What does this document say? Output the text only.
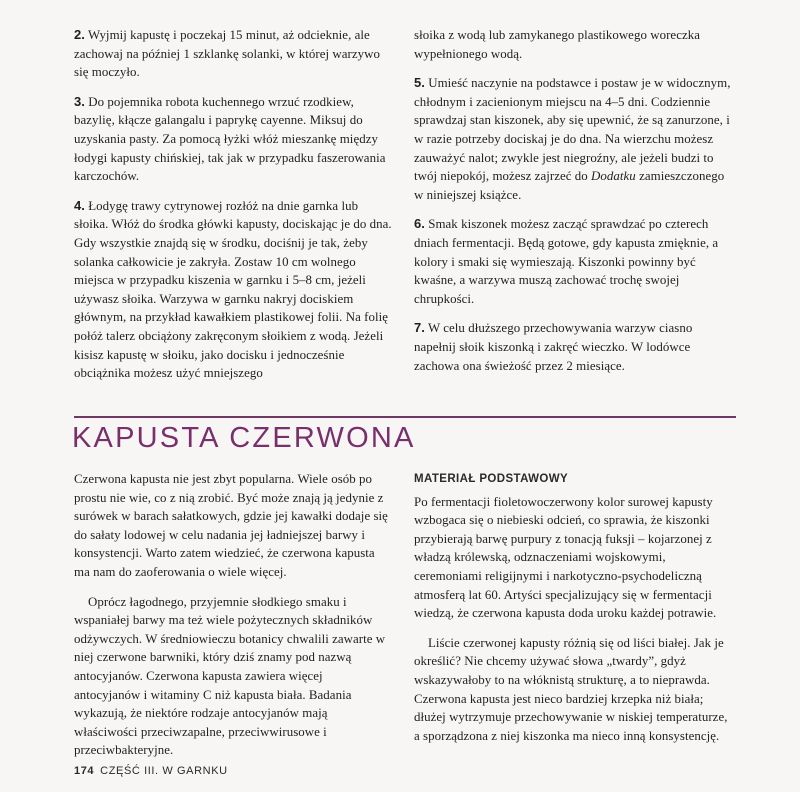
2. Wyjmij kapustę i poczekaj 15 minut, aż odcieknie, ale zachowaj na później 1 szklankę solanki, w której warzywo się moczyło.

3. Do pojemnika robota kuchennego wrzuć rzodkiew, bazylię, kłącze galangalu i paprykę cayenne. Miksuj do uzyskania pasty. Za pomocą łyżki włóż mieszankę między łodygi kapusty chińskiej, tak jak w przypadku faszerowania karczochów.

4. Łodygę trawy cytrynowej rozłóż na dnie garnka lub słoika. Włóż do środka główki kapusty, dociskając je do dna. Gdy wszystkie znajdą się w środku, dociśnij je tak, żeby solanka całkowicie je zakryła. Zostaw 10 cm wolnego miejsca w przypadku kiszenia w garnku i 5–8 cm, jeżeli używasz słoika. Warzywa w garnku nakryj dociskiem głównym, na przykład kawałkiem plastikowej folii. Na folię połóż talerz obciążony zakręconym słoikiem z wodą. Jeżeli kisisz kapustę w słoiku, jako docisku i jednocześnie obciążnika możesz użyć mniejszego

słoika z wodą lub zamykanego plastikowego woreczka wypełnionego wodą.

5. Umieść naczynie na podstawce i postaw je w widocznym, chłodnym i zacienionym miejscu na 4–5 dni. Codziennie sprawdzaj stan kiszonek, aby się upewnić, że są zanurzone, i w razie potrzeby dociskaj je do dna. Na wierzchu możesz zauważyć nalot; zwykle jest niegroźny, ale jeżeli budzi to twój niepokój, możesz zajrzeć do Dodatku zamieszczonego w niniejszej książce.

6. Smak kiszonek możesz zacząć sprawdzać po czterech dniach fermentacji. Będą gotowe, gdy kapusta zmięknie, a kolory i smaki się wymieszają. Kiszonki powinny być kwaśne, a warzywa muszą zachować trochę swojej chrupkości.

7. W celu dłuższego przechowywania warzyw ciasno napełnij słoik kiszonką i zakręć wieczko. W lodówce zachowa ona świeżość przez 2 miesiące.

KAPUSTA CZERWONA

Czerwona kapusta nie jest zbyt popularna. Wiele osób po prostu nie wie, co z nią zrobić. Być może znają ją jedynie z surówek w barach sałatkowych, gdzie jej kawałki dodaje się do sałaty lodowej w celu nadania jej ładniejszej barwy i konsystencji. Warto zatem wiedzieć, że czerwona kapusta ma nam do zaoferowania o wiele więcej.

Oprócz łagodnego, przyjemnie słodkiego smaku i wspaniałej barwy ma też wiele pożytecznych składników odżywczych. W średniowieczu botanicy chwalili zawarte w niej czerwone barwniki, który dziś znamy pod nazwą antocyjanów. Czerwona kapusta zawiera więcej antocyjanów i witaminy C niż kapusta biała. Badania wykazują, że niektóre rodzaje antocyjanów mają właściwości przeciwzapalne, przeciwwirusowe i przeciwbakteryjne.

MATERIAŁ PODSTAWOWY

Po fermentacji fioletowoczerwony kolor surowej kapusty wzbogaca się o niebieski odcień, co sprawia, że kiszonki przybierają barwę purpury z tonacją fuksji – kojarzonej z władzą królewską, odznaczeniami wojskowymi, ceremoniami religijnymi i narkotyczno-psychodeliczną atmosferą lat 60. Artyści specjalizujący się w fermentacji wiedzą, że czerwona kapusta doda uroku każdej potrawie.

Liście czerwonej kapusty różnią się od liści białej. Jak je określić? Nie chcemy używać słowa „twardy”, gdyż wskazywałoby to na włóknistą strukturę, a to nieprawda. Czerwona kapusta jest nieco bardziej krzepka niż biała; dłużej wytrzymuje przechowywanie w niskiej temperaturze, a sporządzona z niej kiszonka ma nieco inną konsystencję.

174 CZĘŚĆ III. W GARNKU
